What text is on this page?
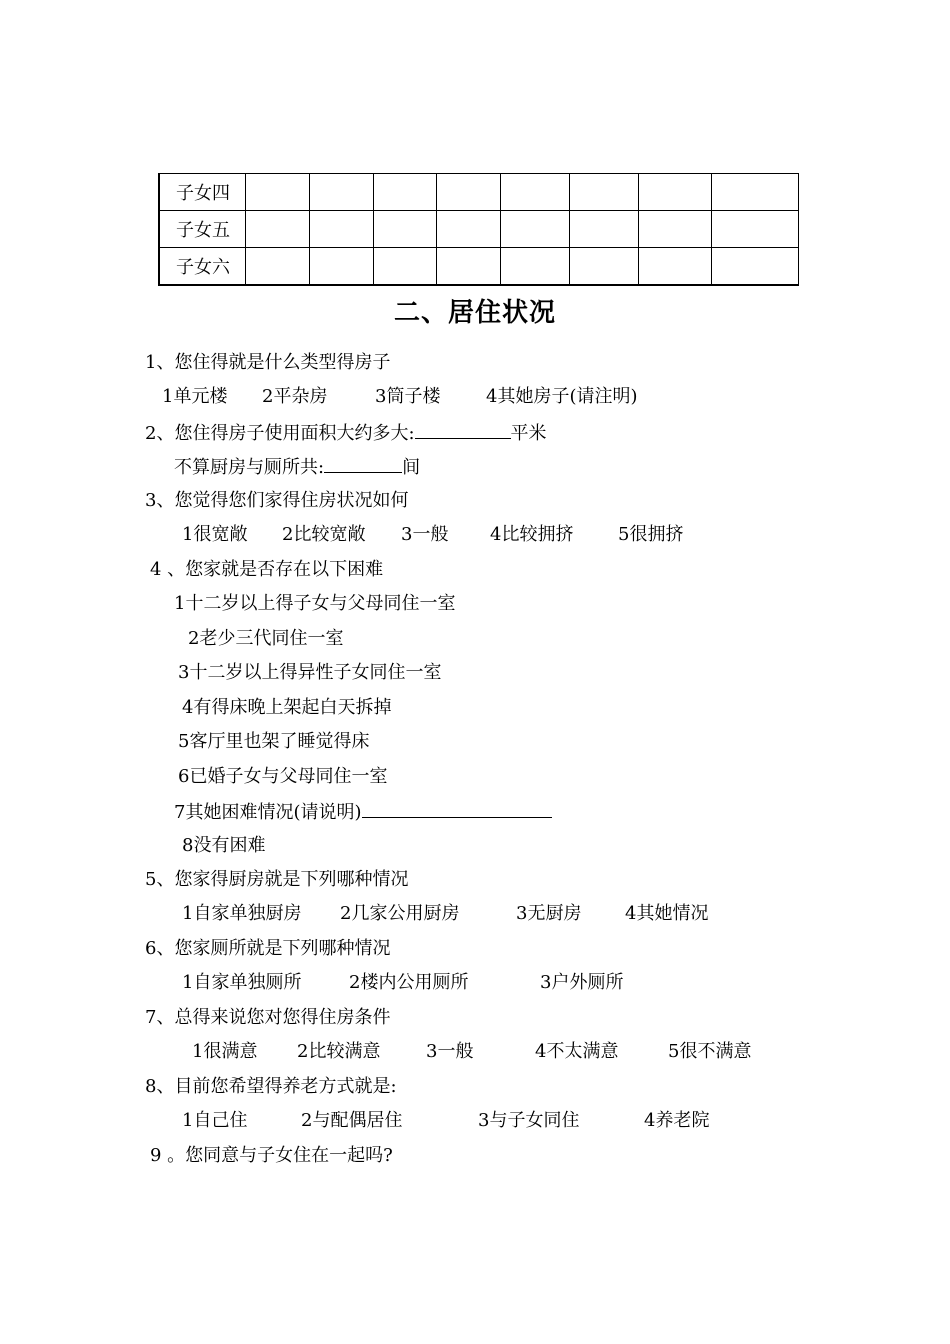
子女四								
子女五								
子女六								
二、居住状况
1、您住得就是什么类型得房子
1单元楼 2平杂房	3筒子楼	4其她房子(请注明)
2、您住得房子使用面积大约多大:	平米
不算厨房与厕所共:	间
3、您觉得您们家得住房状况如何
1很宽敞 2比较宽敞 3一般 4比较拥挤 5很拥挤
4 、您家就是否存在以下困难
1十二岁以上得子女与父母同住一室
2老少三代同住一室
3十二岁以上得异性子女同住一室
4有得床晚上架起白天拆掉
5客厅里也架了睡觉得床
6已婚子女与父母同住一室
7其她困难情况(请说明)
8没有困难
5、您家得厨房就是下列哪种情况
1自家单独厨房 2几家公用厨房	3无厨房 4其她情况
6、您家厕所就是下列哪种情况
1自家单独厕所	2楼内公用厕所	3户外厕所
7、总得来说您对您得住房条件
1很满意 2比较满意	3一般	4不太满意	5很不满意
8、目前您希望得养老方式就是:
1自己住	2与配偶居住	3与子女同住	4养老院
9 。您同意与子女住在一起吗?
